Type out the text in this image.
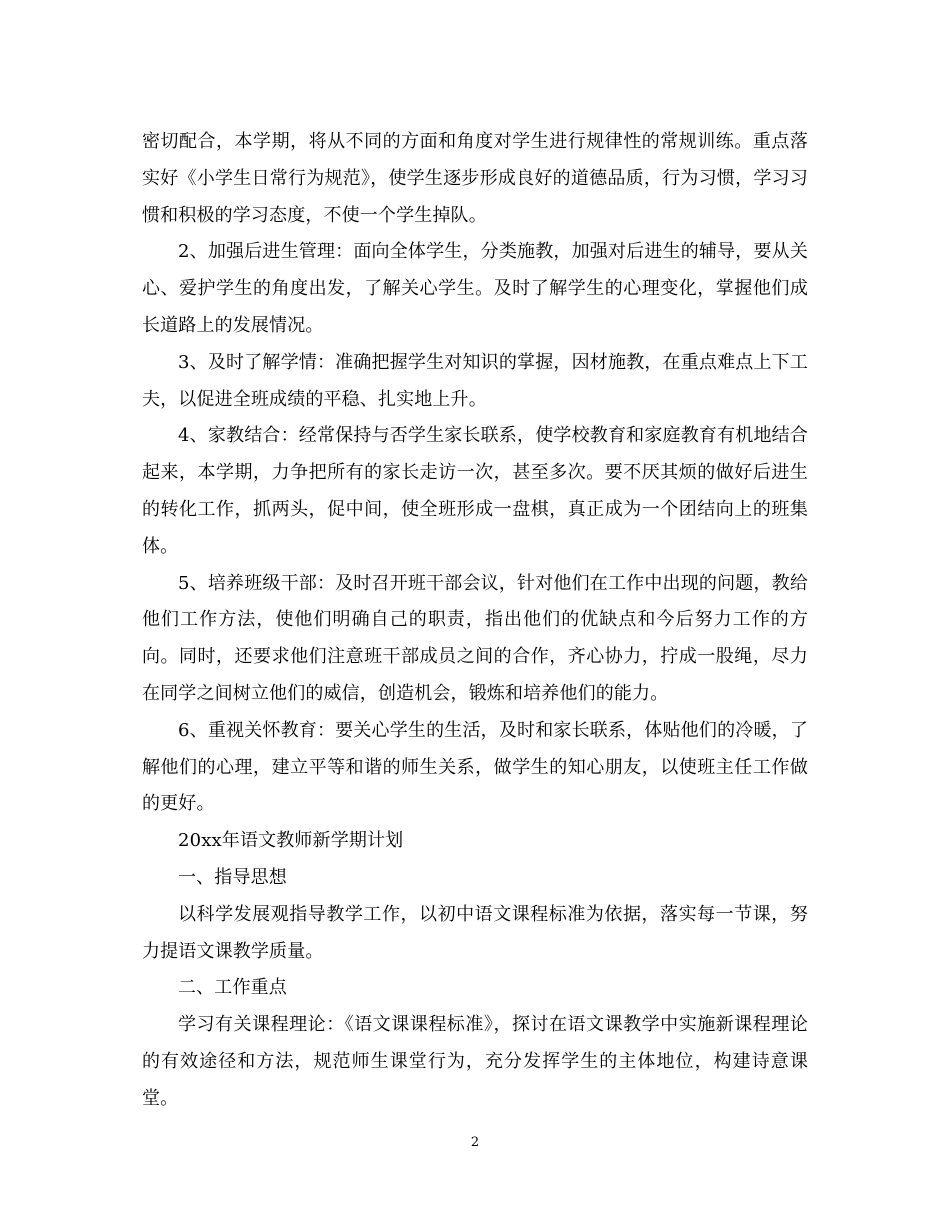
密切配合，本学期，将从不同的方面和角度对学生进行规律性的常规训练。重点落实好《小学生日常行为规范》，使学生逐步形成良好的道德品质，行为习惯，学习习惯和积极的学习态度，不使一个学生掉队。

2、加强后进生管理：面向全体学生，分类施教，加强对后进生的辅导，要从关心、爱护学生的角度出发，了解关心学生。及时了解学生的心理变化，掌握他们成长道路上的发展情况。

3、及时了解学情：准确把握学生对知识的掌握，因材施教，在重点难点上下工夫，以促进全班成绩的平稳、扎实地上升。

4、家教结合：经常保持与否学生家长联系，使学校教育和家庭教育有机地结合起来，本学期，力争把所有的家长走访一次，甚至多次。要不厌其烦的做好后进生的转化工作，抓两头，促中间，使全班形成一盘棋，真正成为一个团结向上的班集体。

5、培养班级干部：及时召开班干部会议，针对他们在工作中出现的问题，教给他们工作方法，使他们明确自己的职责，指出他们的优缺点和今后努力工作的方向。同时，还要求他们注意班干部成员之间的合作，齐心协力，拧成一股绳，尽力在同学之间树立他们的威信，创造机会，锻炼和培养他们的能力。

6、重视关怀教育：要关心学生的生活，及时和家长联系，体贴他们的冷暖，了解他们的心理，建立平等和谐的师生关系，做学生的知心朋友，以使班主任工作做的更好。

20xx年语文教师新学期计划

一、指导思想

以科学发展观指导教学工作，以初中语文课程标准为依据，落实每一节课，努力提语文课教学质量。

二、工作重点

学习有关课程理论：《语文课课程标准》，探讨在语文课教学中实施新课程理论的有效途径和方法，规范师生课堂行为，充分发挥学生的主体地位，构建诗意课堂。

2
